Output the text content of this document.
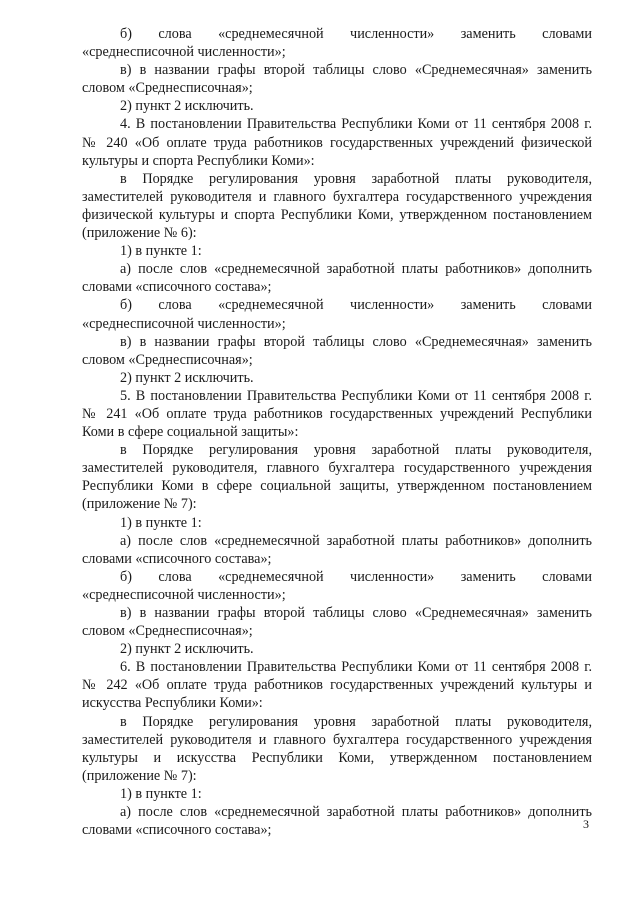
б) слова «среднемесячной численности» заменить словами «среднесписочной численности»;

в) в названии графы второй таблицы слово «Среднемесячная» заменить словом «Среднесписочная»;

2) пункт 2 исключить.

4. В постановлении Правительства Республики Коми от 11 сентября 2008 г. № 240 «Об оплате труда работников государственных учреждений физической культуры и спорта Республики Коми»:

в Порядке регулирования уровня заработной платы руководителя, заместителей руководителя и главного бухгалтера государственного учреждения физической культуры и спорта Республики Коми, утвержденном постановлением (приложение № 6):

1) в пункте 1:

а) после слов «среднемесячной заработной платы работников» дополнить словами «списочного состава»;

б) слова «среднемесячной численности» заменить словами «среднесписочной численности»;

в) в названии графы второй таблицы слово «Среднемесячная» заменить словом «Среднесписочная»;

2) пункт 2 исключить.

5. В постановлении Правительства Республики Коми от 11 сентября 2008 г. № 241 «Об оплате труда работников государственных учреждений Республики Коми в сфере социальной защиты»:

в Порядке регулирования уровня заработной платы руководителя, заместителей руководителя, главного бухгалтера государственного учреждения Республики Коми в сфере социальной защиты, утвержденном постановлением (приложение № 7):

1) в пункте 1:

а) после слов «среднемесячной заработной платы работников» дополнить словами «списочного состава»;

б) слова «среднемесячной численности» заменить словами «среднесписочной численности»;

в) в названии графы второй таблицы слово «Среднемесячная» заменить словом «Среднесписочная»;

2) пункт 2 исключить.

6. В постановлении Правительства Республики Коми от 11 сентября 2008 г. № 242 «Об оплате труда работников государственных учреждений культуры и искусства Республики Коми»:

в Порядке регулирования уровня заработной платы руководителя, заместителей руководителя и главного бухгалтера государственного учреждения культуры и искусства Республики Коми, утвержденном постановлением (приложение № 7):

1) в пункте 1:

а) после слов «среднемесячной заработной платы работников» дополнить словами «списочного состава»;	3
